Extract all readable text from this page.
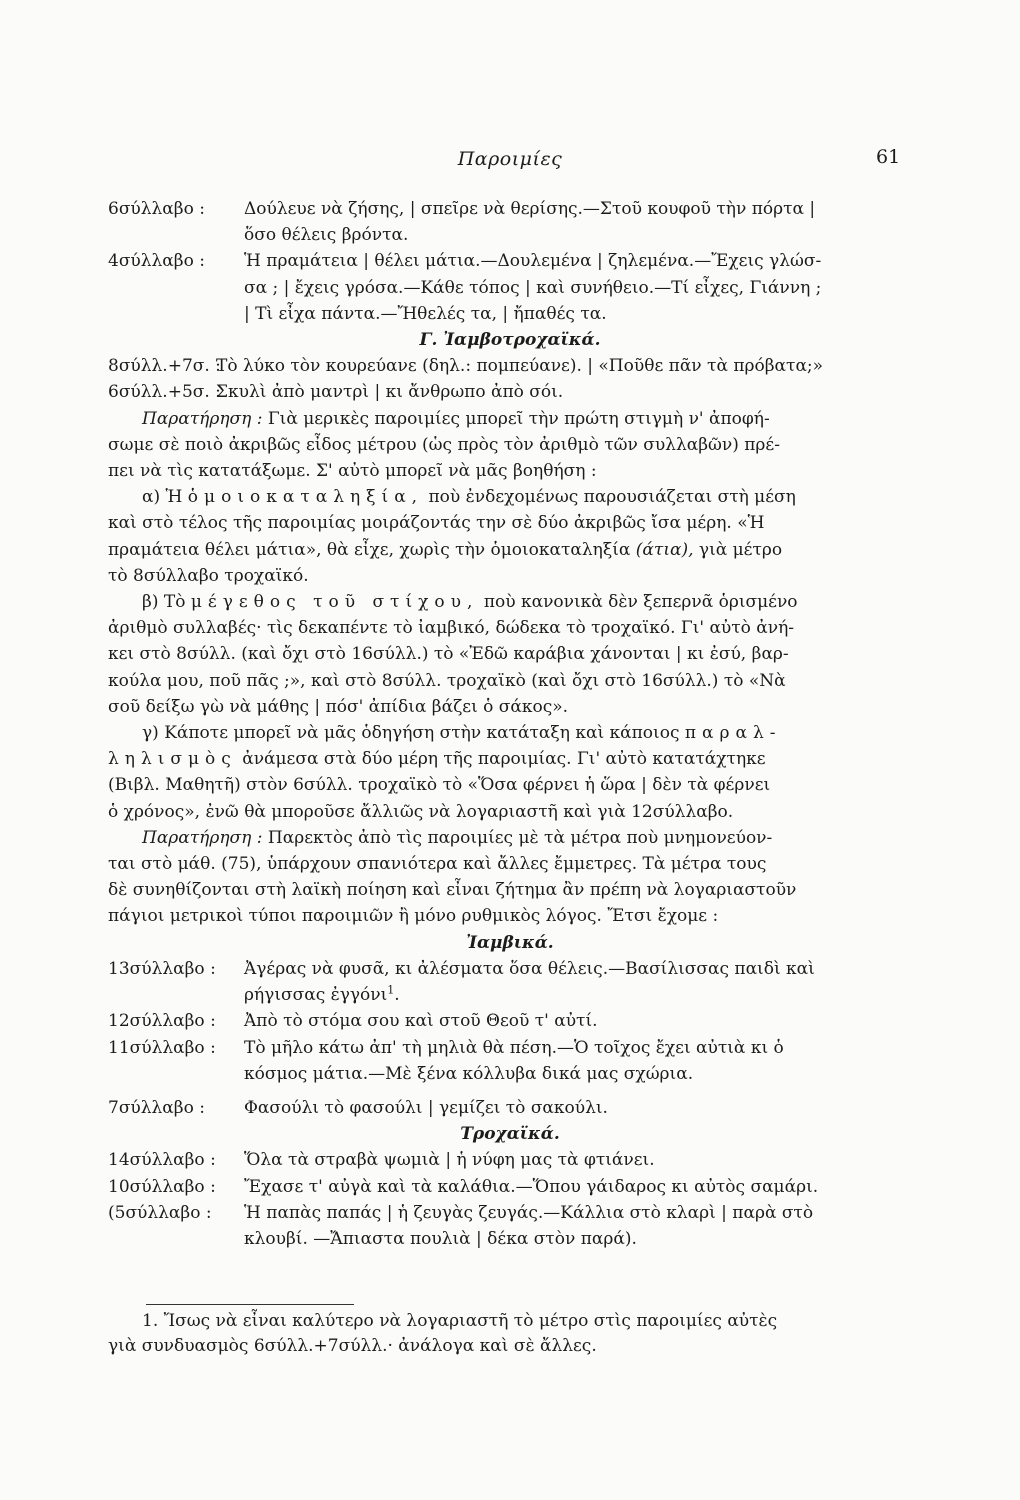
Παροιμίες	61
6σύλλαβο :	Δούλευε νὰ ζήσης, | σπεῖρε νὰ θερίσης.—Στοῦ κουφοῦ τὴν πόρτα |
ὅσο θέλεις βρόντα.
4σύλλαβο :	Ἡ πραμάτεια | θέλει μάτια.—Δουλεμένα | ζηλεμένα.—Ἔχεις γλώσ-
σα ; | ἔχεις γρόσα.—Κάθε τόπος | καὶ συνήθειο.—Τί εἶχες, Γιάννη ;
| Τὶ εἶχα πάντα.—Ἤθελές τα, | ἤπαθές τα.
Γ. Ἰαμβοτροχαϊκά.
8σύλλ.+7σ. :
Τὸ λύκο τὸν κουρεύανε (δηλ.: πομπεύανε). | «Ποῦθε πᾶν τὰ πρόβατα;»
6σύλλ.+5σ. :
Σκυλὶ ἀπὸ μαντρὶ | κι ἄνθρωπο ἀπὸ σόι.
Παρατήρηση : Γιὰ μερικὲς παροιμίες μπορεῖ τὴν πρώτη στιγμὴ ν' ἀποφή-
σωμε σὲ ποιὸ ἀκριβῶς εἶδος μέτρου (ὡς πρὸς τὸν ἀριθμὸ τῶν συλλαβῶν) πρέ-
πει νὰ τὶς κατατάξωμε. Σ' αὐτὸ μπορεῖ νὰ μᾶς βοηθήση :
α) Ἡ ὁμοιοκαταληξία, ποὺ ἐνδεχομένως παρουσιάζεται στὴ μέση
καὶ στὸ τέλος τῆς παροιμίας μοιράζοντάς την σὲ δύο ἀκριβῶς ἴσα μέρη. «Ἡ
πραμάτεια θέλει μάτια», θὰ εἶχε, χωρὶς τὴν ὁμοιοκαταληξία (άτια), γιὰ μέτρο
τὸ 8σύλλαβο τροχαϊκό.
β) Τὸ μέγεθος τοῦ στίχου, ποὺ κανονικὰ δὲν ξεπερνᾶ ὁρισμένο
ἀριθμὸ συλλαβές· τὶς δεκαπέντε τὸ ἰαμβικό, δώδεκα τὸ τροχαϊκό. Γι' αὐτὸ ἀνή-
κει στὸ 8σύλλ. (καὶ ὄχι στὸ 16σύλλ.) τὸ «Ἐδῶ καράβια χάνονται | κι ἐσύ, βαρ-
κούλα μου, ποῦ πᾶς ;», καὶ στὸ 8σύλλ. τροχαϊκὸ (καὶ ὄχι στὸ 16σύλλ.) τὸ «Νὰ
σοῦ δείξω γὼ νὰ μάθης | πόσ' ἀπίδια βάζει ὁ σάκος».
γ) Κάποτε μπορεῖ νὰ μᾶς ὁδηγήση στὴν κατάταξη καὶ κάποιος παραλ-
ληλισμὸς ἀνάμεσα στὰ δύο μέρη τῆς παροιμίας. Γι' αὐτὸ κατατάχτηκε
(Βιβλ. Μαθητῆ) στὸν 6σύλλ. τροχαϊκὸ τὸ «Ὅσα φέρνει ἡ ὥρα | δὲν τὰ φέρνει
ὁ χρόνος», ἐνῶ θὰ μποροῦσε ἄλλιῶς νὰ λογαριαστῆ καὶ γιὰ 12σύλλαβο.
Παρατήρηση : Παρεκτὸς ἀπὸ τὶς παροιμίες μὲ τὰ μέτρα ποὺ μνημονεύον-
ται στὸ μάθ. (75), ὑπάρχουν σπανιότερα καὶ ἄλλες ἔμμετρες. Τὰ μέτρα τους
δὲ συνηθίζονται στὴ λαϊκὴ ποίηση καὶ εἶναι ζήτημα ἂν πρέπη νὰ λογαριαστοῦν
πάγιοι μετρικοὶ τύποι παροιμιῶν ἢ μόνο ρυθμικὸς λόγος. Ἔτσι ἔχομε :
Ἰαμβικά.
13σύλλαβο :	Ἀγέρας νὰ φυσᾶ, κι ἀλέσματα ὅσα θέλεις.—Βασίλισσας παιδὶ καὶ
ρήγισσας ἐγγόνι$^1$.
12σύλλαβο :	Ἀπὸ τὸ στόμα σου καὶ στοῦ Θεοῦ τ' αὐτί.
11σύλλαβο :	Τὸ μῆλο κάτω ἀπ' τὴ μηλιὰ θὰ πέση.—Ὁ τοῖχος ἔχει αὐτιὰ κι ὁ
κόσμος μάτια.—Μὲ ξένα κόλλυβα δικά μας σχώρια.
7σύλλαβο :	Φασούλι τὸ φασούλι | γεμίζει τὸ σακούλι.
Τροχαϊκά.
14σύλλαβο :	Ὅλα τὰ στραβὰ ψωμιὰ | ἡ νύφη μας τὰ φτιάνει.
10σύλλαβο :	Ἔχασε τ' αὐγὰ καὶ τὰ καλάθια.—Ὅπου γάιδαρος κι αὐτὸς σαμάρι.
(5σύλλαβο :	Ἡ παπὰς παπάς | ἡ ζευγὰς ζευγάς.—Κάλλια στὸ κλαρὶ | παρὰ στὸ
κλουβί. —Ἄπιαστα πουλιὰ | δέκα στὸν παρά).
1. Ἴσως νὰ εἶναι καλύτερο νὰ λογαριαστῆ τὸ μέτρο στὶς παροιμίες αὐτὲς
γιὰ συνδυασμὸς 6σύλλ.+7σύλλ.· ἀνάλογα καὶ σὲ ἄλλες.
